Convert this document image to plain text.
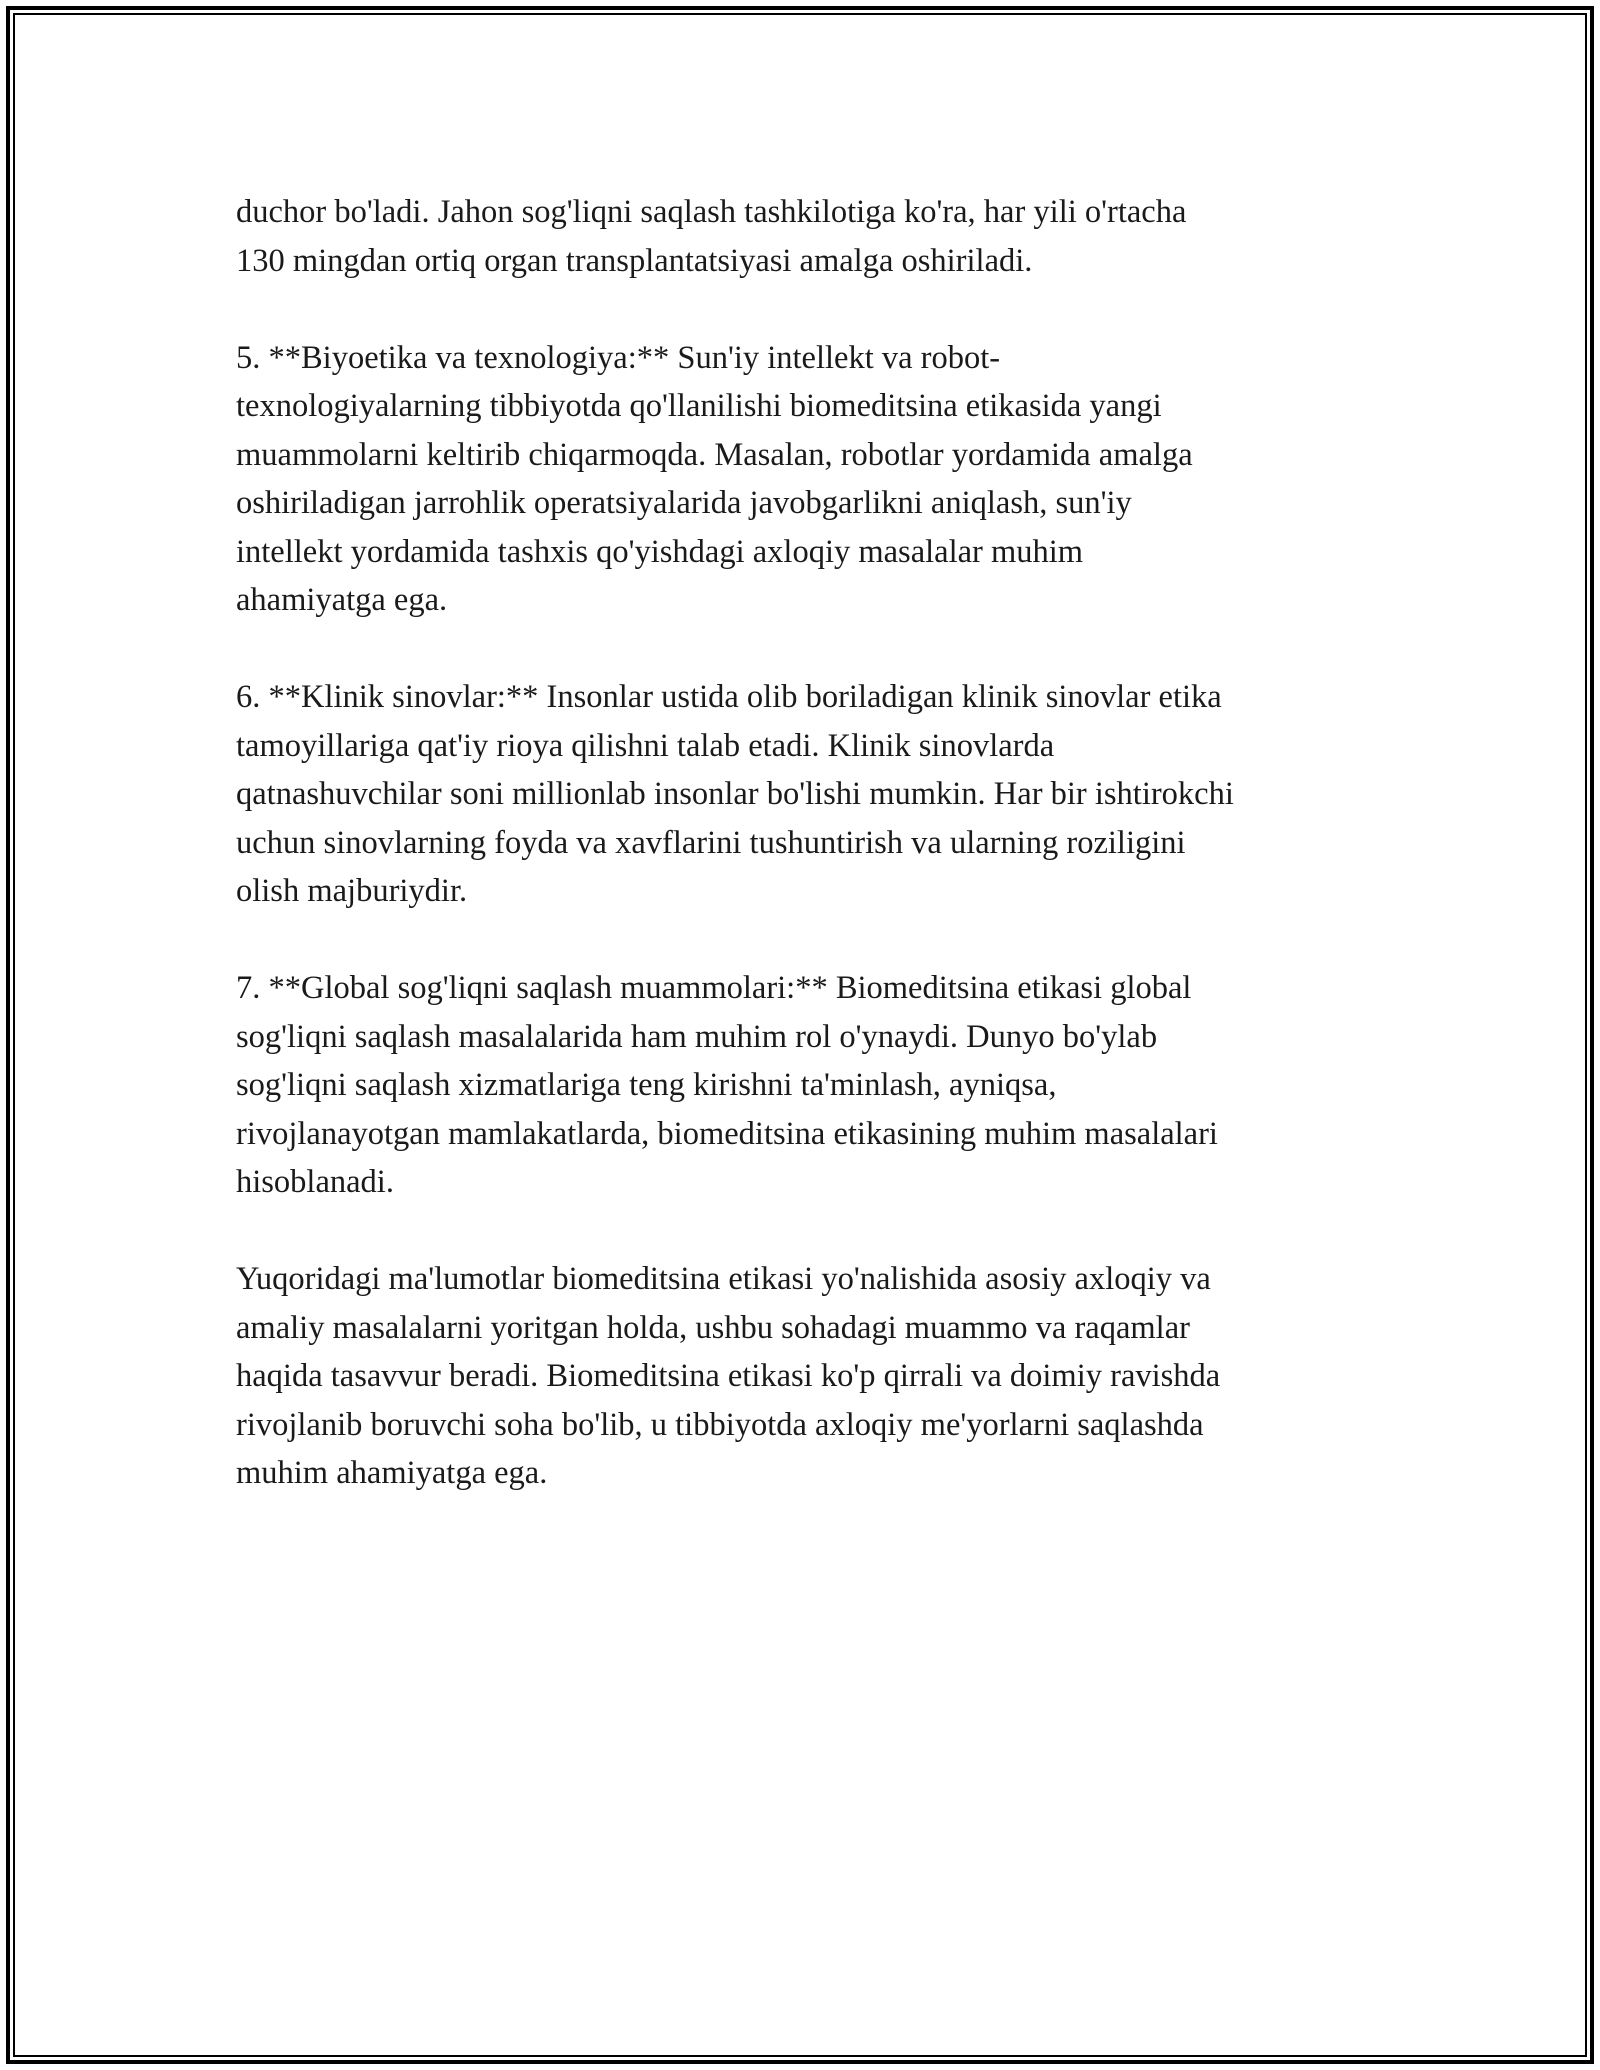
duchor bo'ladi. Jahon sog'liqni saqlash tashkilotiga ko'ra, har yili o'rtacha
130 mingdan ortiq organ transplantatsiyasi amalga oshiriladi.

5. **Biyoetika va texnologiya:** Sun'iy intellekt va robot-
texnologiyalarning tibbiyotda qo'llanilishi biomeditsina etikasida yangi
muammolarni keltirib chiqarmoqda. Masalan, robotlar yordamida amalga
oshiriladigan jarrohlik operatsiyalarida javobgarlikni aniqlash, sun'iy
intellekt yordamida tashxis qo'yishdagi axloqiy masalalar muhim
ahamiyatga ega.

6. **Klinik sinovlar:** Insonlar ustida olib boriladigan klinik sinovlar etika
tamoyillariga qat'iy rioya qilishni talab etadi. Klinik sinovlarda
qatnashuvchilar soni millionlab insonlar bo'lishi mumkin. Har bir ishtirokchi
uchun sinovlarning foyda va xavflarini tushuntirish va ularning roziligini
olish majburiydir.

7. **Global sog'liqni saqlash muammolari:** Biomeditsina etikasi global
sog'liqni saqlash masalalarida ham muhim rol o'ynaydi. Dunyo bo'ylab
sog'liqni saqlash xizmatlariga teng kirishni ta'minlash, ayniqsa,
rivojlanayotgan mamlakatlarda, biomeditsina etikasining muhim masalalari
hisoblanadi.

Yuqoridagi ma'lumotlar biomeditsina etikasi yo'nalishida asosiy axloqiy va
amaliy masalalarni yoritgan holda, ushbu sohadagi muammo va raqamlar
haqida tasavvur beradi. Biomeditsina etikasi ko'p qirrali va doimiy ravishda
rivojlanib boruvchi soha bo'lib, u tibbiyotda axloqiy me'yorlarni saqlashda
muhim ahamiyatga ega.
